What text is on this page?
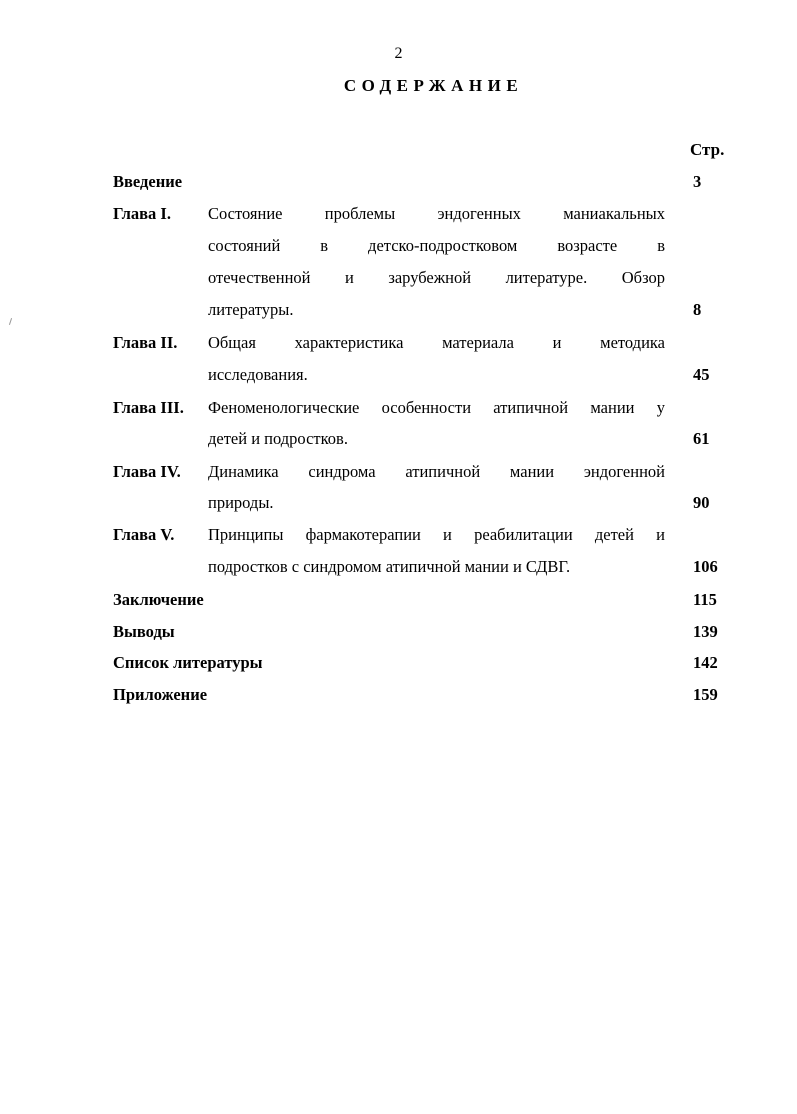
2
СОДЕРЖАНИЕ
Стр.
Введение	3
Глава I. Состояние проблемы эндогенных маниакальных
состояний в детско-подростковом возрасте в
отечественной и зарубежной литературе. Обзор
литературы.	8
Глава II. Общая характеристика материала и методика
исследования.	45
Глава III. Феноменологические особенности атипичной мании у
детей и подростков.	61
Глава IV. Динамика синдрома атипичной мании эндогенной
природы.	90
Глава V. Принципы фармакотерапии и реабилитации детей и
подростков с синдромом атипичной мании и СДВГ.	106
Заключение	115
Выводы	139
Список литературы	142
Приложение	159
